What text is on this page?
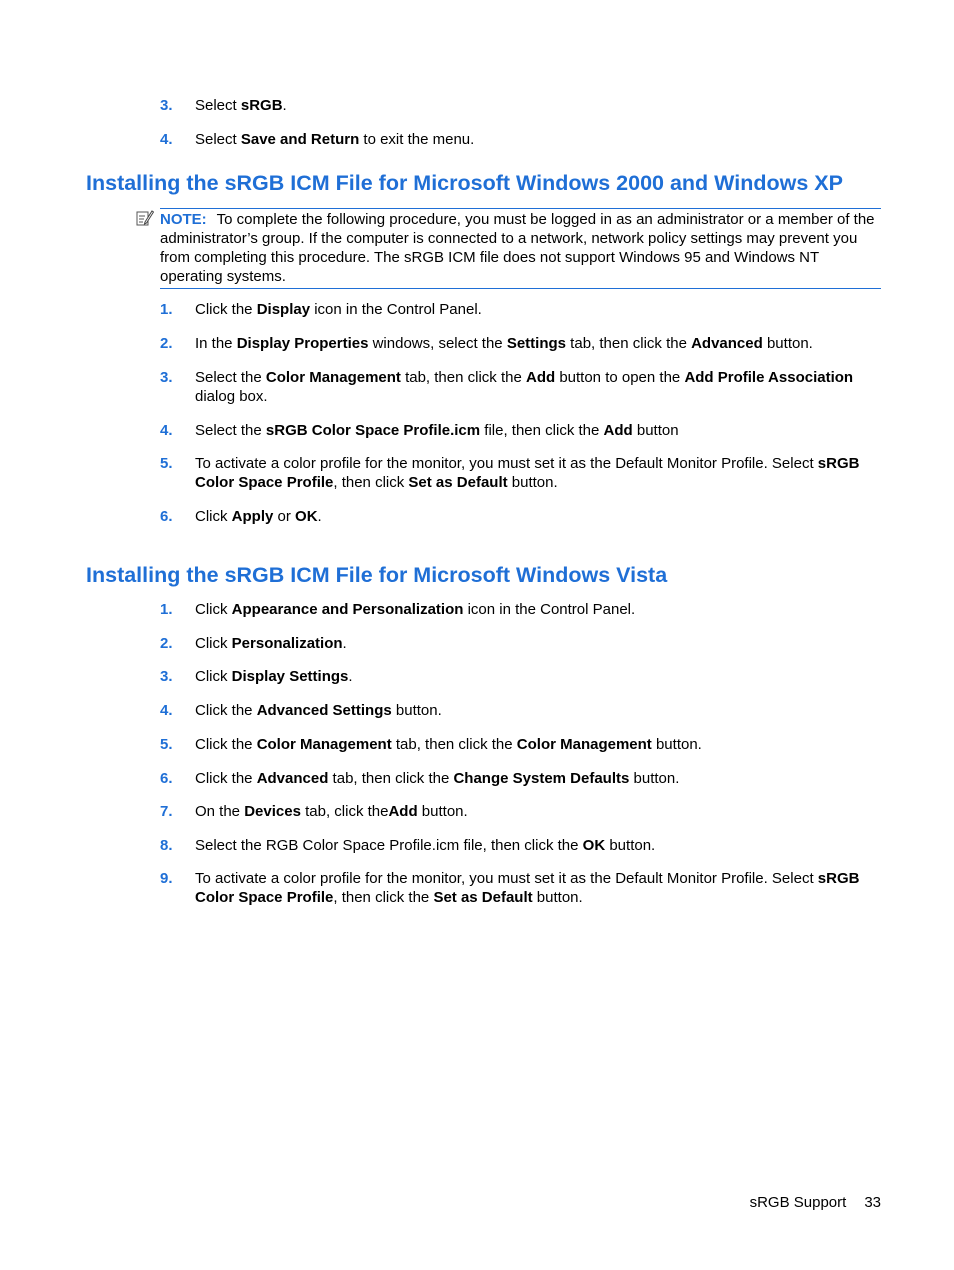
3.	Select sRGB.
4.	Select Save and Return to exit the menu.
Installing the sRGB ICM File for Microsoft Windows 2000 and Windows XP
NOTE: To complete the following procedure, you must be logged in as an administrator or a member of the administrator’s group. If the computer is connected to a network, network policy settings may prevent you from completing this procedure. The sRGB ICM file does not support Windows 95 and Windows NT operating systems.
1.	Click the Display icon in the Control Panel.
2.	In the Display Properties windows, select the Settings tab, then click the Advanced button.
3.	Select the Color Management tab, then click the Add button to open the Add Profile Association dialog box.
4.	Select the sRGB Color Space Profile.icm file, then click the Add button
5.	To activate a color profile for the monitor, you must set it as the Default Monitor Profile. Select sRGB Color Space Profile, then click Set as Default button.
6.	Click Apply or OK.
Installing the sRGB ICM File for Microsoft Windows Vista
1.	Click Appearance and Personalization icon in the Control Panel.
2.	Click Personalization.
3.	Click Display Settings.
4.	Click the Advanced Settings button.
5.	Click the Color Management tab, then click the Color Management button.
6.	Click the Advanced tab, then click the Change System Defaults button.
7.	On the Devices tab, click theAdd button.
8.	Select the RGB Color Space Profile.icm file, then click the OK button.
9.	To activate a color profile for the monitor, you must set it as the Default Monitor Profile. Select sRGB Color Space Profile, then click the Set as Default button.
sRGB Support 33
